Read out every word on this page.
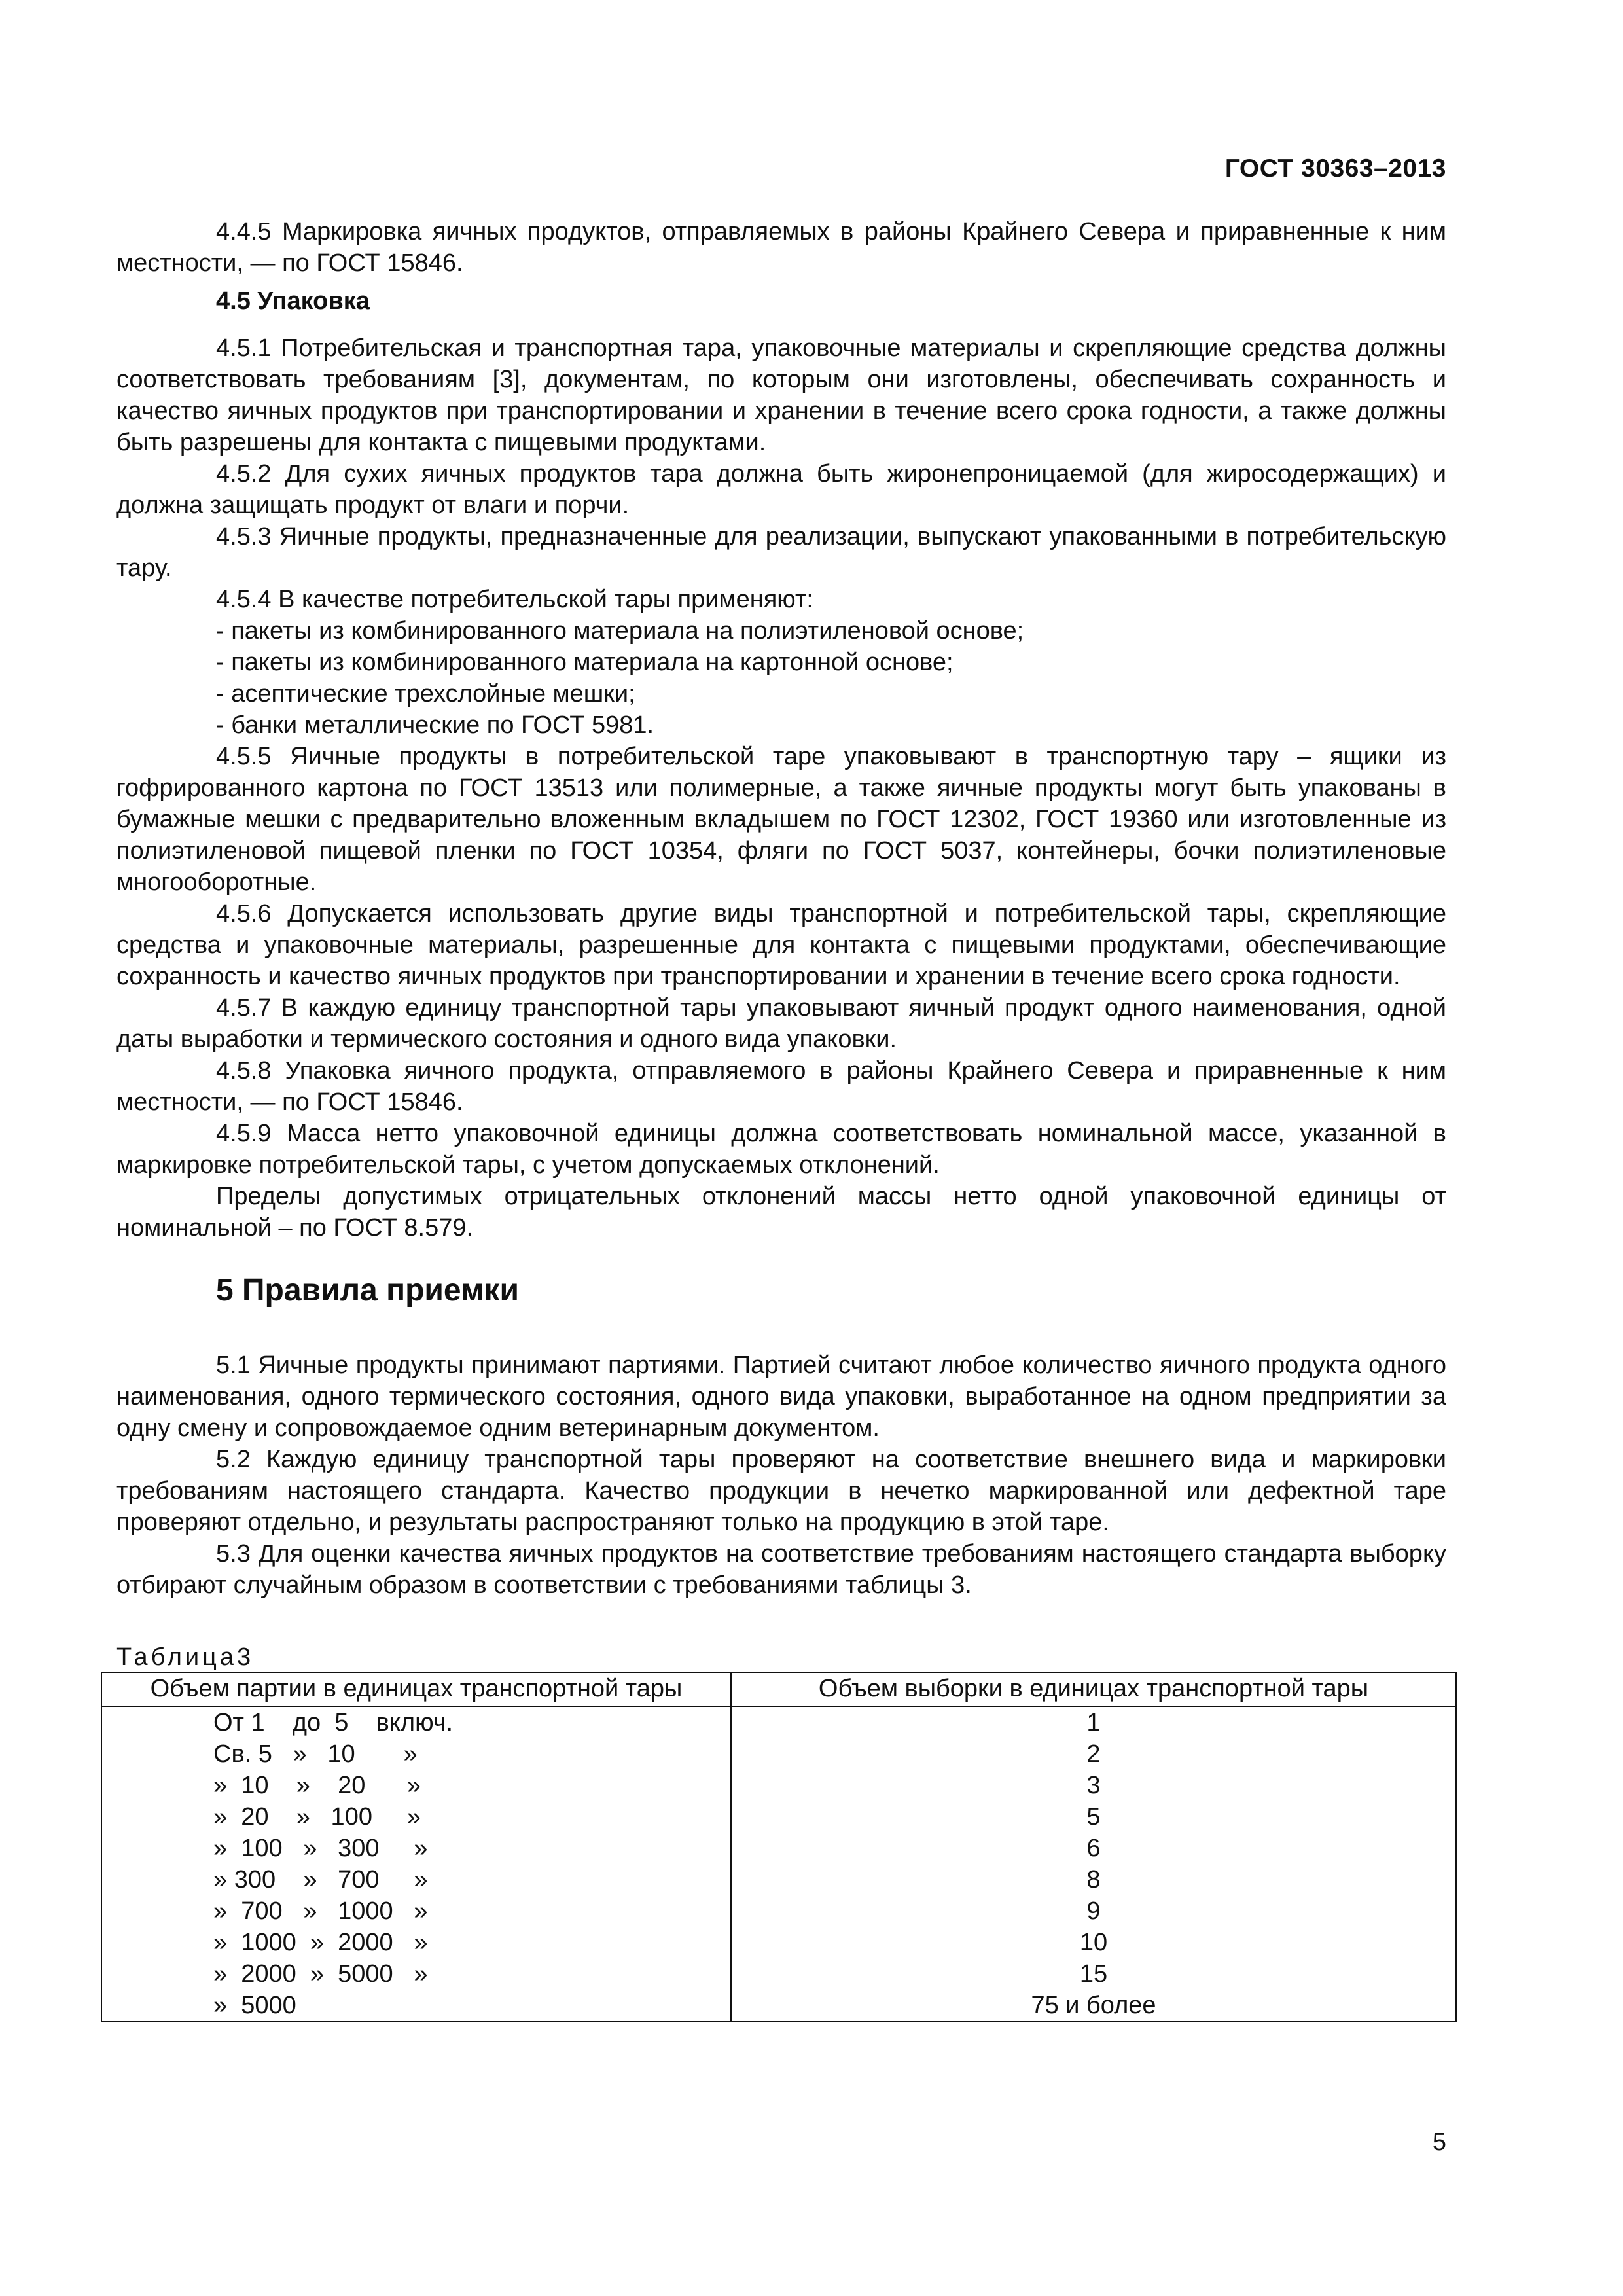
ГОСТ 30363–2013

4.4.5 Маркировка яичных продуктов, отправляемых в районы Крайнего Севера и приравненные к ним местности, — по ГОСТ 15846.

4.5 Упаковка

4.5.1 Потребительская и транспортная тара, упаковочные материалы и скрепляющие средства должны соответствовать требованиям [3], документам, по которым они изготовлены, обеспечивать сохранность и качество яичных продуктов при транспортировании и хранении в течение всего срока годности, а также должны быть разрешены для контакта с пищевыми продуктами.

4.5.2 Для сухих яичных продуктов тара должна быть жиронепроницаемой (для жиросодержащих) и должна защищать продукт от влаги и порчи.

4.5.3 Яичные продукты, предназначенные для реализации, выпускают упакованными в потребительскую тару.

4.5.4 В качестве потребительской тары применяют:

- пакеты из комбинированного материала на полиэтиленовой основе;

- пакеты из комбинированного материала на картонной основе;

- асептические трехслойные мешки;

- банки металлические по ГОСТ 5981.

4.5.5 Яичные продукты в потребительской таре упаковывают в транспортную тару – ящики из гофрированного картона по ГОСТ 13513 или полимерные, а также яичные продукты могут быть упакованы в бумажные мешки с предварительно вложенным вкладышем по ГОСТ 12302, ГОСТ 19360 или изготовленные из полиэтиленовой пищевой пленки по ГОСТ 10354, фляги по ГОСТ 5037, контейнеры, бочки полиэтиленовые многооборотные.

4.5.6 Допускается использовать другие виды транспортной и потребительской тары, скрепляющие средства и упаковочные материалы, разрешенные для контакта с пищевыми продуктами, обеспечивающие сохранность и качество яичных продуктов при транспортировании и хранении в течение всего срока годности.

4.5.7 В каждую единицу транспортной тары упаковывают яичный продукт одного наименования, одной даты выработки и термического состояния и одного вида упаковки.

4.5.8 Упаковка яичного продукта, отправляемого в районы Крайнего Севера и приравненные к ним местности, — по ГОСТ 15846.

4.5.9 Масса нетто упаковочной единицы должна соответствовать номинальной массе, указанной в маркировке потребительской тары, с учетом допускаемых отклонений.

Пределы допустимых отрицательных отклонений массы нетто одной упаковочной единицы от номинальной – по ГОСТ 8.579.

5 Правила приемки

5.1 Яичные продукты принимают партиями. Партией считают любое количество яичного продукта одного наименования, одного термического состояния, одного вида упаковки, выработанное на одном предприятии за одну смену и сопровождаемое одним ветеринарным документом.

5.2 Каждую единицу транспортной тары проверяют на соответствие внешнего вида и маркировки требованиям настоящего стандарта. Качество продукции в нечетко маркированной или дефектной таре проверяют отдельно, и результаты распространяют только на продукцию в этой таре.

5.3 Для оценки качества яичных продуктов на соответствие требованиям настоящего стандарта выборку отбирают случайным образом в соответствии с требованиями таблицы 3.

Таблица3

Объем партии в единицах транспортной тары	Объем выборки в единицах транспортной тары
От 1    до  5    включ.	1
Св. 5   »   10       »	2
»  10    »    20      »	3
»  20    »   100     »	5
»  100   »   300     »	6
» 300    »   700     »	8
»  700   »   1000   »	9
»  1000  »  2000   »	10
»  2000  »  5000   »	15
»  5000	75 и более
5
